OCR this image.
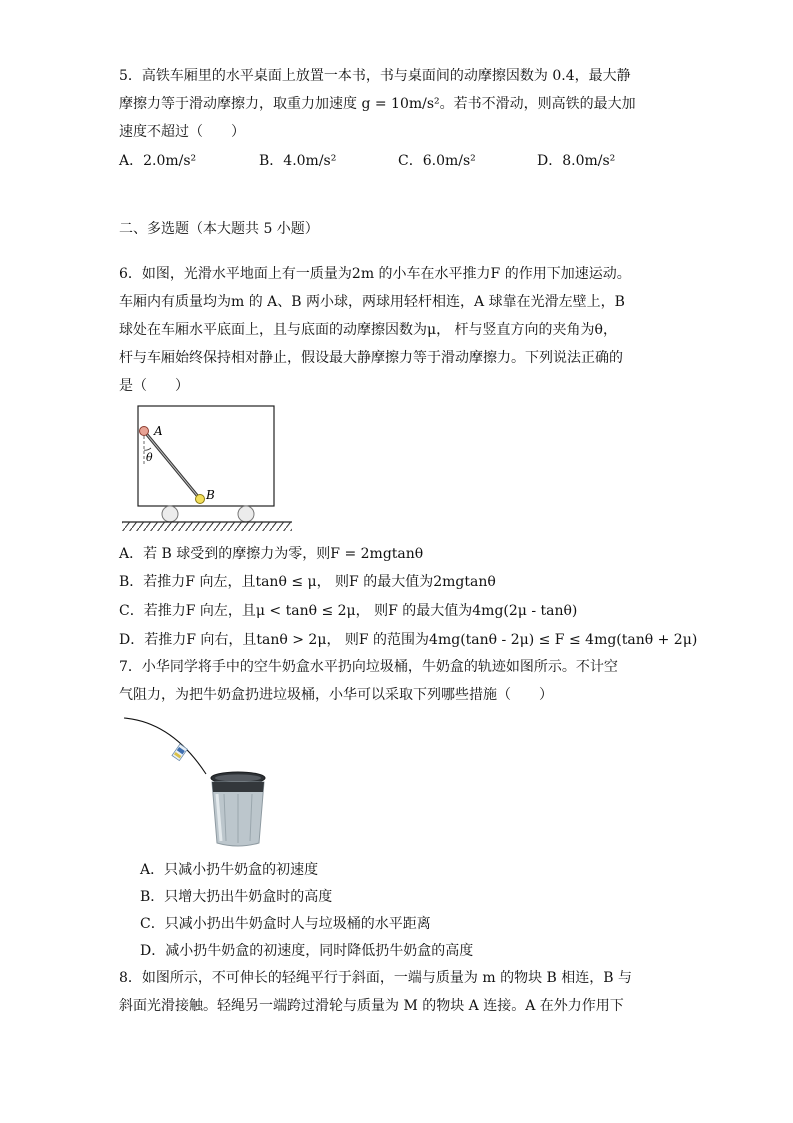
5．高铁车厢里的水平桌面上放置一本书，书与桌面间的动摩擦因数为 0.4，最大静
摩擦力等于滑动摩擦力，取重力加速度 g = 10m/s²。若书不滑动，则高铁的最大加
速度不超过（　　）
A．2.0m/s²	B．4.0m/s²	C．6.0m/s²	D．8.0m/s²
二、多选题（本大题共 5 小题）
6．如图，光滑水平地面上有一质量为2m 的小车在水平推力F 的作用下加速运动。
车厢内有质量均为m 的 A、B 两小球，两球用轻杆相连，A 球靠在光滑左壁上，B
球处在车厢水平底面上，且与底面的动摩擦因数为μ， 杆与竖直方向的夹角为θ，
杆与车厢始终保持相对静止，假设最大静摩擦力等于滑动摩擦力。下列说法正确的
是（　　）
A
θ
B
A．若 B 球受到的摩擦力为零，则F = 2mgtanθ
B．若推力F 向左，且tanθ ≤ μ， 则F 的最大值为2mgtanθ
C．若推力F 向左，且μ < tanθ ≤ 2μ， 则F 的最大值为4mg(2μ - tanθ)
D．若推力F 向右，且tanθ > 2μ， 则F 的范围为4mg(tanθ - 2μ) ≤ F ≤ 4mg(tanθ + 2μ)
7．小华同学将手中的空牛奶盒水平扔向垃圾桶，牛奶盒的轨迹如图所示。不计空
气阻力，为把牛奶盒扔进垃圾桶，小华可以采取下列哪些措施（　　）
A．只减小扔牛奶盒的初速度
B．只增大扔出牛奶盒时的高度
C．只减小扔出牛奶盒时人与垃圾桶的水平距离
D．减小扔牛奶盒的初速度，同时降低扔牛奶盒的高度
8．如图所示，不可伸长的轻绳平行于斜面，一端与质量为 m 的物块 B 相连，B 与
斜面光滑接触。轻绳另一端跨过滑轮与质量为 M 的物块 A 连接。A 在外力作用下
